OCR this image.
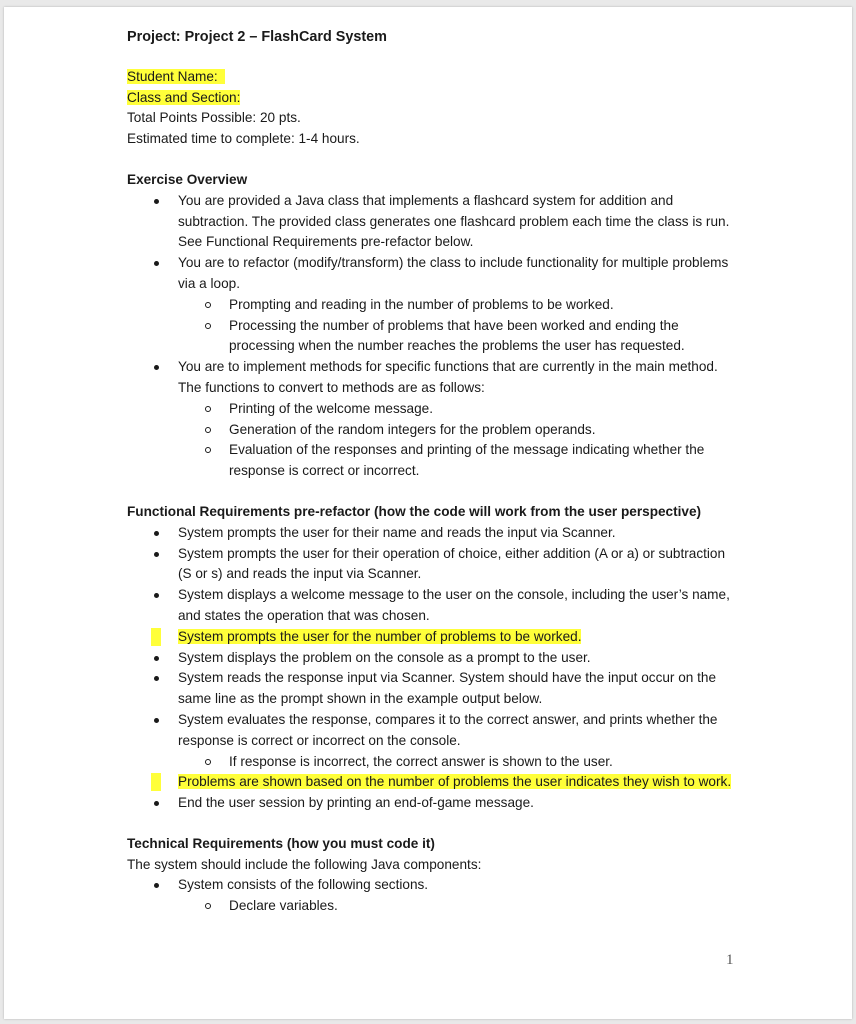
Project: Project 2 – FlashCard System

Student Name:

Class and Section:

Total Points Possible: 20 pts.

Estimated time to complete: 1-4 hours.

Exercise Overview

You are provided a Java class that implements a flashcard system for addition and subtraction. The provided class generates one flashcard problem each time the class is run. See Functional Requirements pre-refactor below.
You are to refactor (modify/transform) the class to include functionality for multiple problems via a loop.
Prompting and reading in the number of problems to be worked.
Processing the number of problems that have been worked and ending the processing when the number reaches the problems the user has requested.
You are to implement methods for specific functions that are currently in the main method. The functions to convert to methods are as follows:
Printing of the welcome message.
Generation of the random integers for the problem operands.
Evaluation of the responses and printing of the message indicating whether the response is correct or incorrect.

Functional Requirements pre-refactor (how the code will work from the user perspective)

System prompts the user for their name and reads the input via Scanner.
System prompts the user for their operation of choice, either addition (A or a) or subtraction (S or s) and reads the input via Scanner.
System displays a welcome message to the user on the console, including the user’s name, and states the operation that was chosen.
System prompts the user for the number of problems to be worked.
System displays the problem on the console as a prompt to the user.
System reads the response input via Scanner. System should have the input occur on the same line as the prompt shown in the example output below.
System evaluates the response, compares it to the correct answer, and prints whether the response is correct or incorrect on the console.
If response is incorrect, the correct answer is shown to the user.
Problems are shown based on the number of problems the user indicates they wish to work.
End the user session by printing an end-of-game message.

Technical Requirements (how you must code it)

The system should include the following Java components:

System consists of the following sections.
Declare variables.
1
